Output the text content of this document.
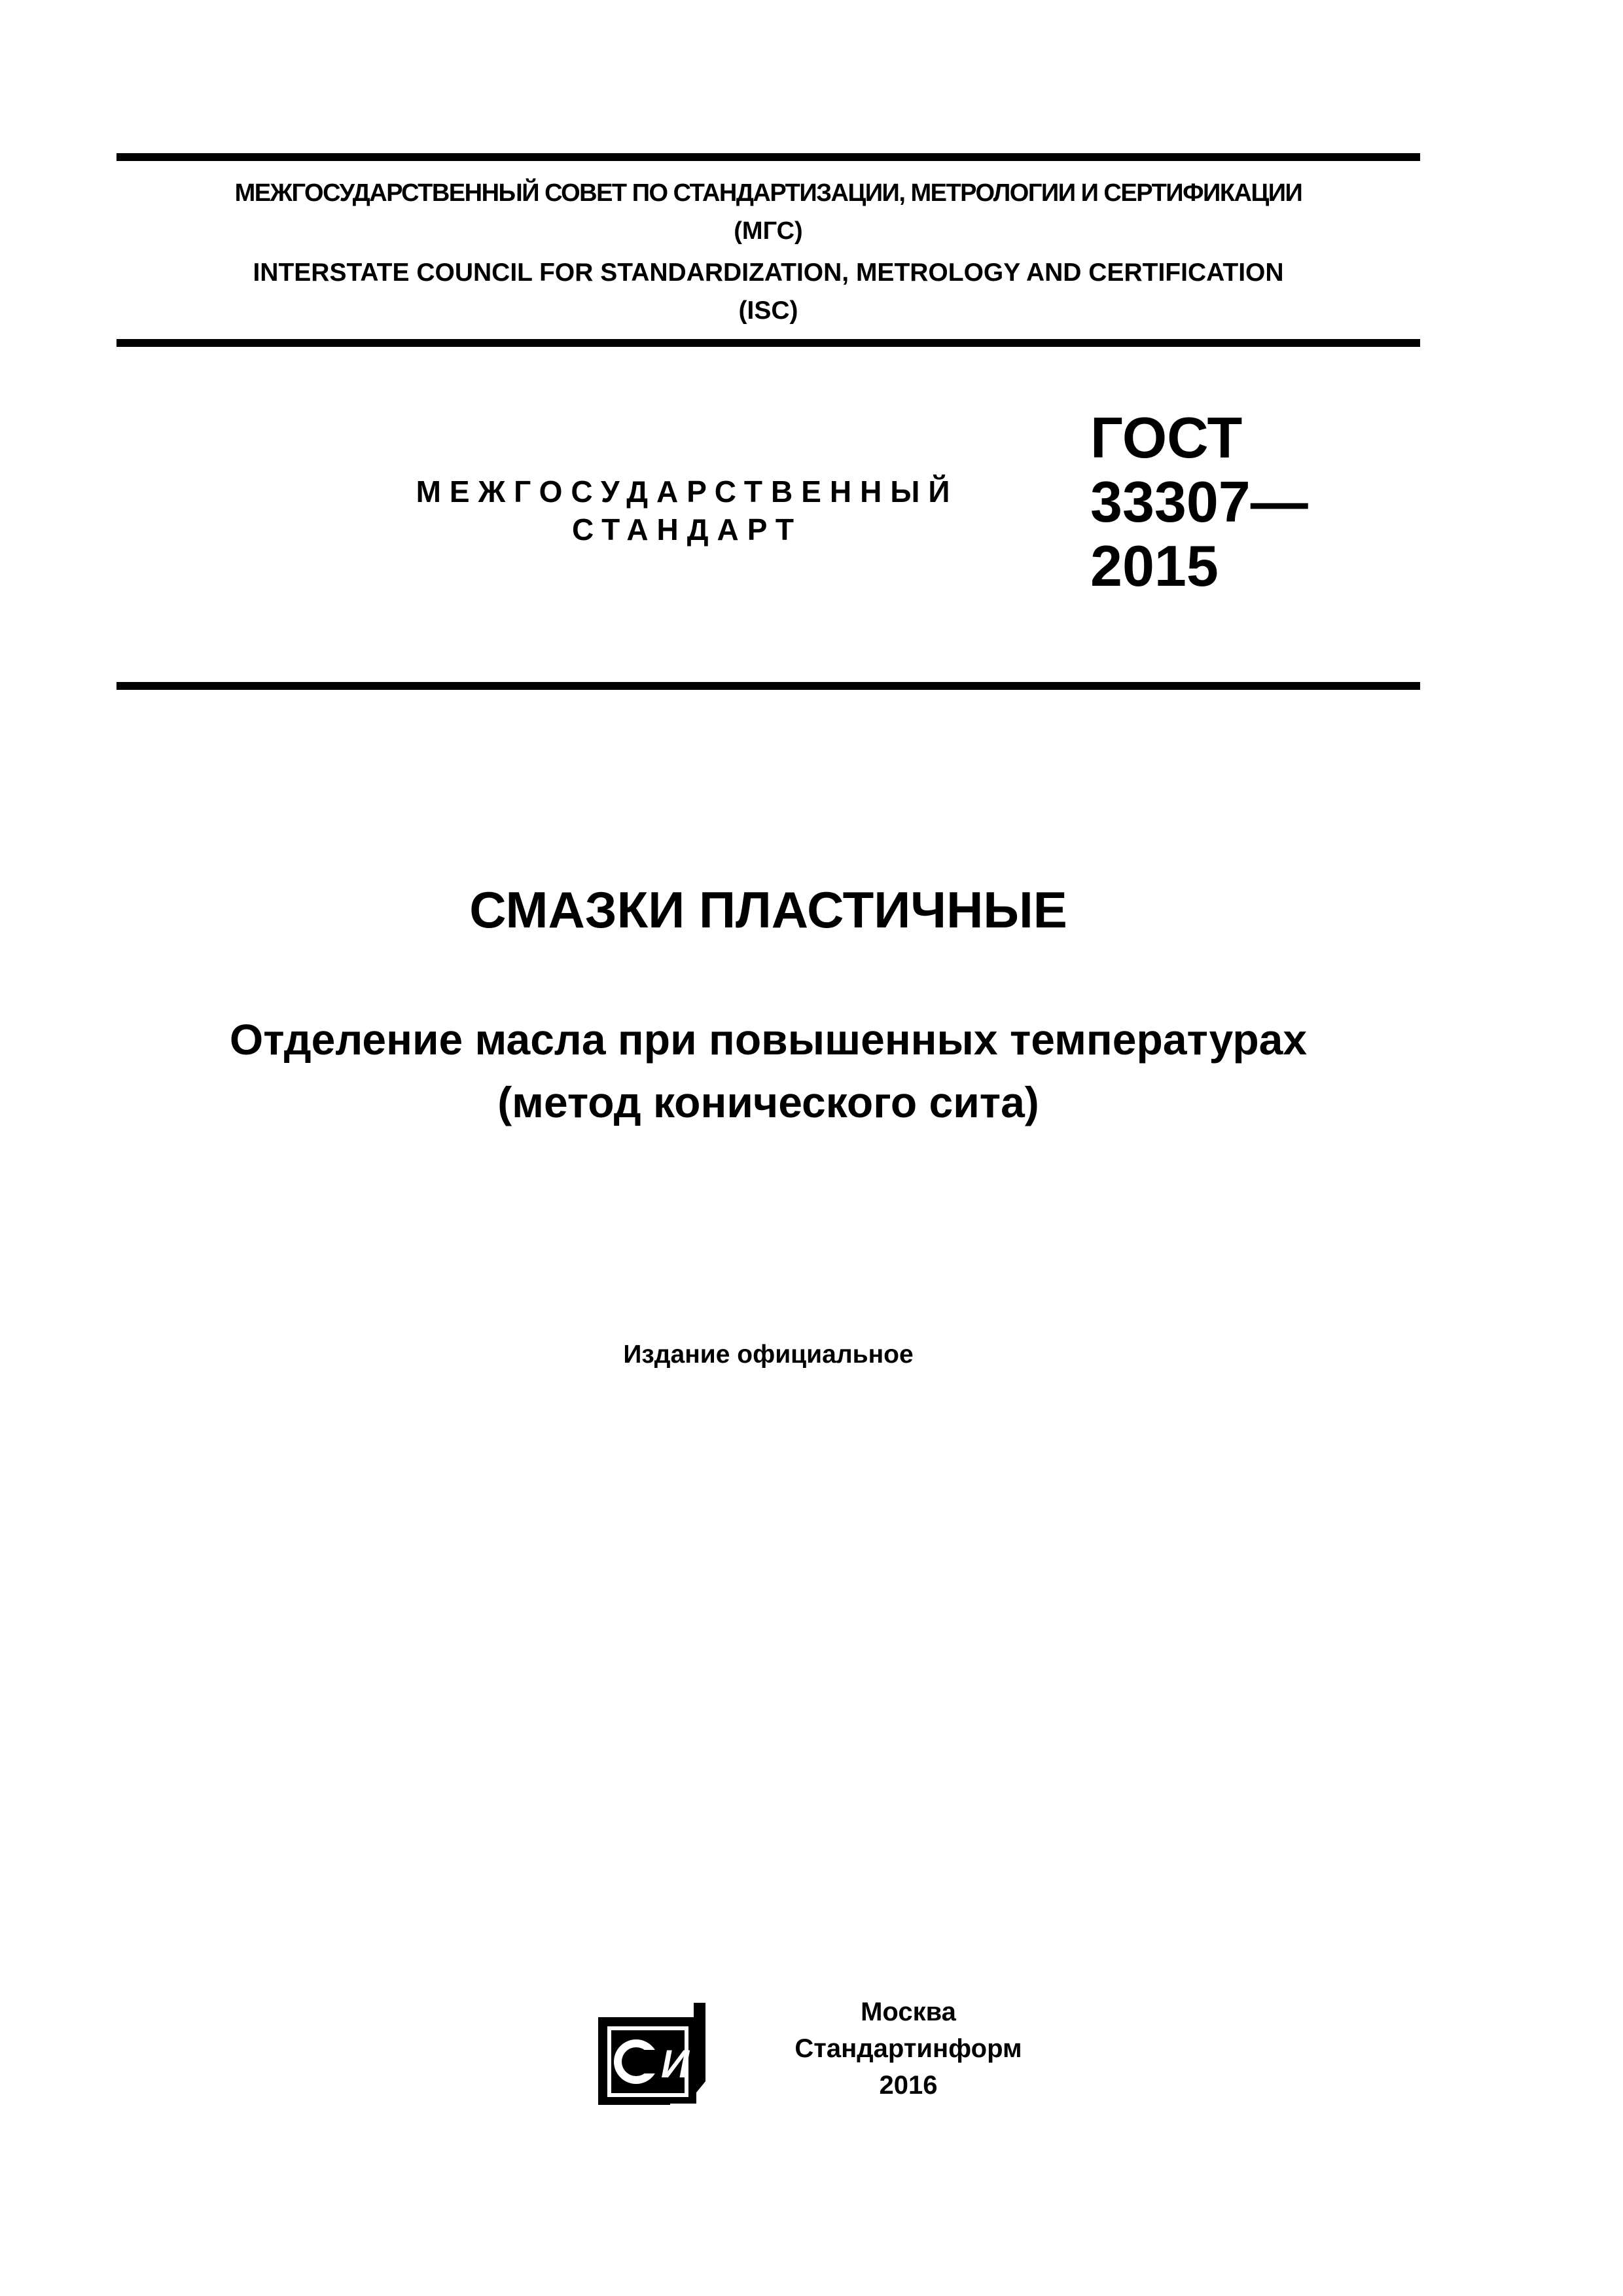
МЕЖГОСУДАРСТВЕННЫЙ СОВЕТ ПО СТАНДАРТИЗАЦИИ, МЕТРОЛОГИИ И СЕРТИФИКАЦИИ
(МГС)
INTERSTATE COUNCIL FOR STANDARDIZATION, METROLOGY AND CERTIFICATION
(ISC)
МЕЖГОСУДАРСТВЕННЫЙ
СТАНДАРТ
ГОСТ
33307—
2015
СМАЗКИ ПЛАСТИЧНЫЕ
Отделение масла при повышенных температурах
(метод конического сита)
Издание официальное
И
Москва
Стандартинформ
2016
